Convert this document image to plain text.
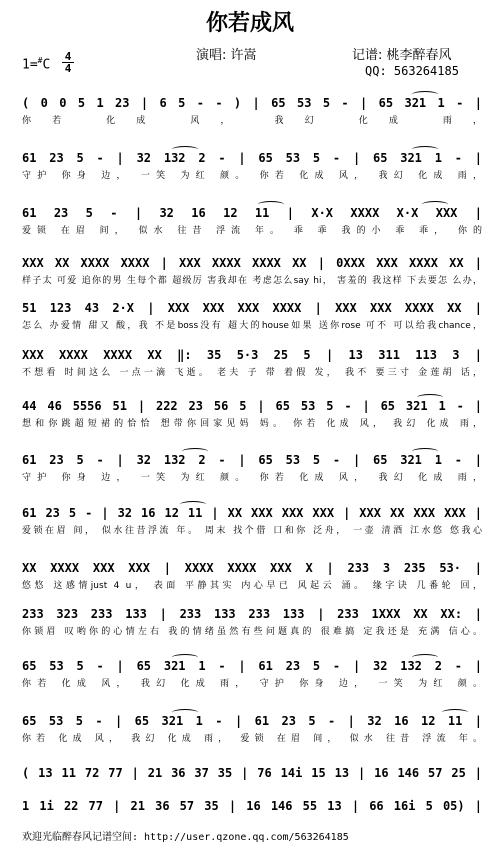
你若成风
演唱: 许嵩	记谱: 桃李醉春风
QQ: 563264185
1=#C
4
4
( 0 0 5 1 23 | 6 5 - - ) | 65 53 5 - | 65 321 1 - |
你若 化成 风， 我幻 化成 雨，
61 23 5 - | 32 132 2 - | 65 53 5 - | 65 321 1 - |
守护 你身 边， 一笑 为红 颜。 你若 化成 风， 我幻 化成 雨，
61 23 5 - | 32 16 12 11 | X·X XXXX X·X XXX |
爱锁 在眉 间， 似水 往昔 浮流 年。 乖 乖 我的小 乖 乖， 你的
XXX XX XXXX XXXX | XXX XXXX XXXX XX | 0XXX XXX XXXX XX |
样子太 可爱 追你的男 生每个都 超级厉 害我却在 考虑怎么say hi， 害羞的 我这样 下去要怎 么办，
51 123 43 2·X | XXX XXX XXX XXXX | XXX XXX XXXX XX |
怎么 办爱情 甜又 酸，我 不是boss没有 超大的house如果 送你rose 可不 可以给我chance，
XXX XXXX XXXX XX ‖: 35 5·3 25 5 | 13 311 113 3 |
不想看 时间这么 一点一滴 飞逝。 老夫 子 带 着假 发， 我不 要三寸 金莲胡 话，
44 46 5556 51 | 222 23 56 5 | 65 53 5 - | 65 321 1 - |
想和你跳超短裙的恰恰 想带你回家见妈 妈。 你若 化成 风， 我幻 化成 雨，
61 23 5 - | 32 132 2 - | 65 53 5 - | 65 321 1 - |
守护 你身 边， 一笑 为红 颜。 你若 化成 风， 我幻 化成 雨，
61 23 5 - | 32 16 12 11 | XX XXX XXX XXX | XXX XX XXX XXX |
爱锁在眉 间， 似水往昔浮流 年。 周末 找个借 口和你 泛舟， 一壶 清酒 江水悠 悠我心
XX XXXX XXX XXX | XXXX XXXX XXX X | 233 3 235 53· |
悠悠 这感情just 4 u， 表面 平静其实 内心早已 风起云 涌。 缘字诀 几番轮 回，
233 323 233 133 | 233 133 233 133 | 233 1XXX XX XX: |
你锁眉 叹哟你的心情左右 我的情绪虽然有些问题真的 很难搞 定我还是 充满 信心。
65 53 5 - | 65 321 1 - | 61 23 5 - | 32 132 2 - |
你若 化成 风， 我幻 化成 雨， 守护 你身 边， 一笑 为红 颜。
65 53 5 - | 65 321 1 - | 61 23 5 - | 32 16 12 11 |
你若 化成 风， 我幻 化成 雨， 爱锁 在眉 间， 似水 往昔 浮流 年。
( 13 11 72 77 | 21 36 37 35 | 76 14i 15 13 | 16 146 57 25 |
1 1i 22 77 | 21 36 57 35 | 16 146 55 13 | 66 16i 5 05) |
欢迎光临醉春风记谱空间: http://user.qzone.qq.com/563264185
